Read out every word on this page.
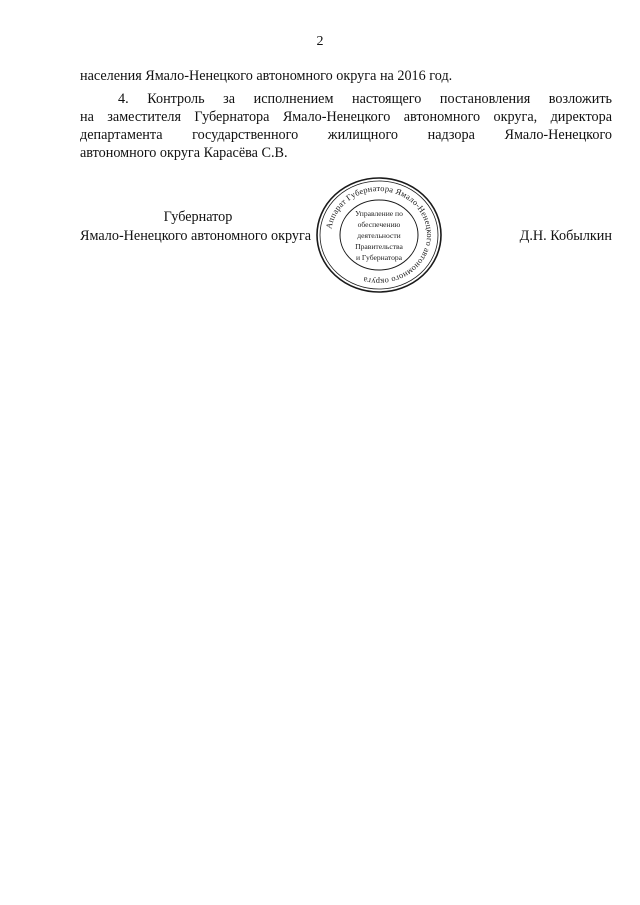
2
населения Ямало-Ненецкого автономного округа на 2016 год.
4. Контроль за исполнением настоящего постановления возложить
на заместителя Губернатора Ямало-Ненецкого автономного округа, директора
департамента государственного жилищного надзора Ямало-Ненецкого
автономного округа Карасёва С.В.
Губернатор
Ямало-Ненецкого автономного округа	Д.Н. Кобылкин
Аппарат Губернатора Ямало-Ненецкого автономного округа
Управление по
обеспечению
деятельности
Правительства
и Губернатора
